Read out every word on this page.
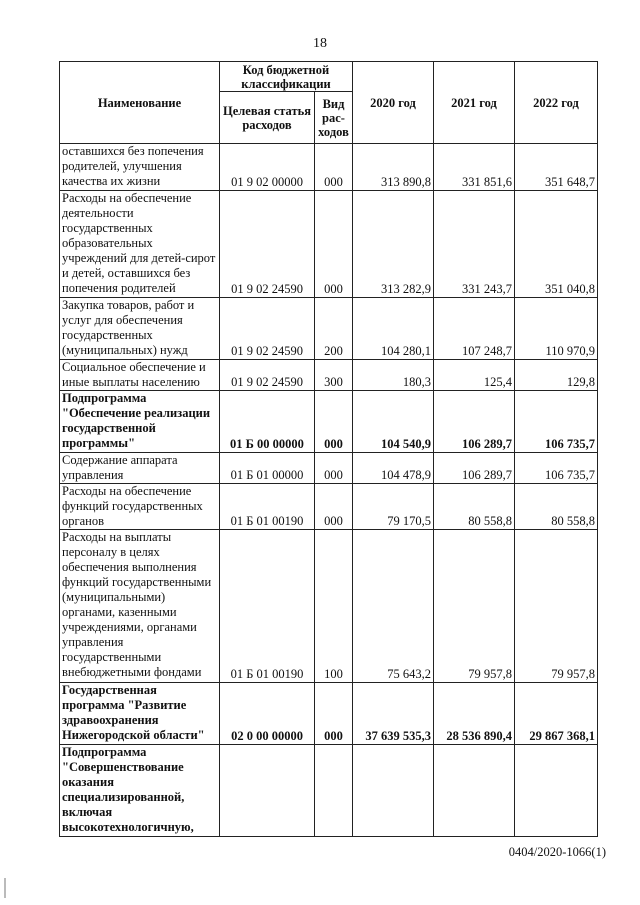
18
Наименование	Код бюджетной классификации		2020 год	2021 год	2022 год
	Целевая статья расходов	Вид рас- ходов			
оставшихся без попечения родителей, улучшения качества их жизни	01 9 02 00000	000	313 890,8	331 851,6	351 648,7
Расходы на обеспечение деятельности государственных образовательных учреждений для детей-сирот и детей, оставшихся без попечения родителей	01 9 02 24590	000	313 282,9	331 243,7	351 040,8
Закупка товаров, работ и услуг для обеспечения государственных (муниципальных) нужд	01 9 02 24590	200	104 280,1	107 248,7	110 970,9
Социальное обеспечение и иные выплаты населению	01 9 02 24590	300	180,3	125,4	129,8
Подпрограмма "Обеспечение реализации государственной программы"	01 Б 00 00000	000	104 540,9	106 289,7	106 735,7
Содержание аппарата управления	01 Б 01 00000	000	104 478,9	106 289,7	106 735,7
Расходы на обеспечение функций государственных органов	01 Б 01 00190	000	79 170,5	80 558,8	80 558,8
Расходы на выплаты персоналу в целях обеспечения выполнения функций государственными (муниципальными) органами, казенными учреждениями, органами управления государственными внебюджетными фондами	01 Б 01 00190	100	75 643,2	79 957,8	79 957,8
Государственная программа "Развитие здравоохранения Нижегородской области"	02 0 00 00000	000	37 639 535,3	28 536 890,4	29 867 368,1
Подпрограмма "Совершенствование оказания специализированной, включая высокотехнологичную,					
0404/2020-1066(1)
